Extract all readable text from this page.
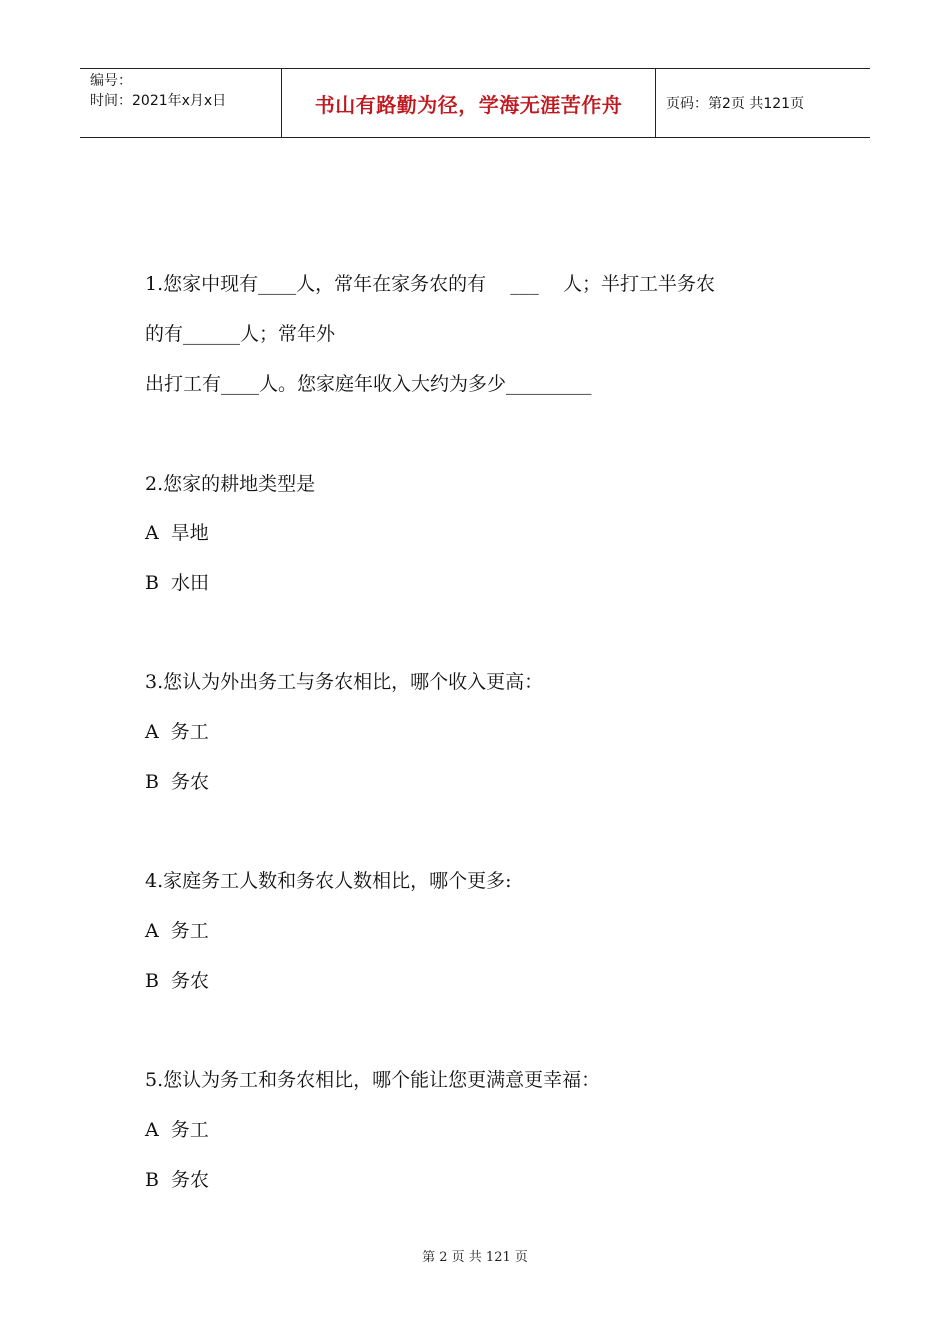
编号：
时间：2021年x月x日	书山有路勤为径，学海无涯苦作舟	页码：第2页 共121页
1.您家中现有____人，常年在家务农的有    ___    人；半打工半务农
的有______人；常年外
出打工有____人。您家庭年收入大约为多少_________
2.您家的耕地类型是
A  旱地
B  水田
3.您认为外出务工与务农相比，哪个收入更高：
A  务工
B  务农
4.家庭务工人数和务农人数相比，哪个更多:
A  务工
B  务农
5.您认为务工和务农相比，哪个能让您更满意更幸福：
A  务工
B  务农
第 2 页 共 121 页
